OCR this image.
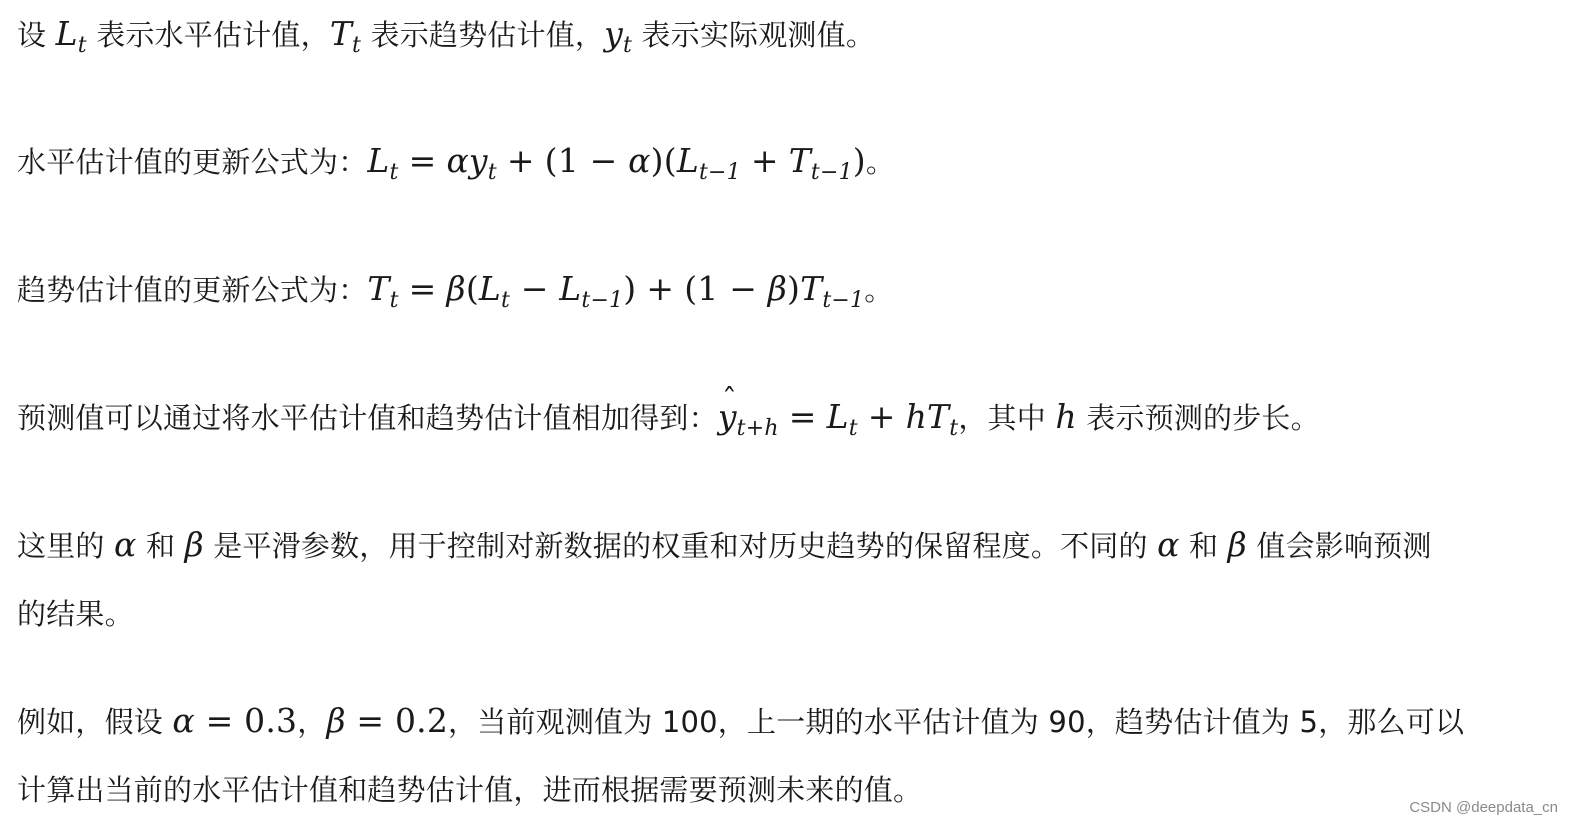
设 $L_t$ 表示水平估计值，$T_t$ 表示趋势估计值，$y_t$ 表示实际观测值。
水平估计值的更新公式为：$L_t = \alpha y_t + (1 - \alpha)(L_{t-1} + T_{t-1})$。
趋势估计值的更新公式为：$T_t = \beta(L_t - L_{t-1}) + (1 - \beta)T_{t-1}$。
预测值可以通过将水平估计值和趋势估计值相加得到：ˆ $y_{t+h} = L_t + hT_t$，其中 h 表示预测的步长。
这里的 α 和 β 是平滑参数，用于控制对新数据的权重和对历史趋势的保留程度。不同的 α 和 β 值会影响预测
的结果。
例如，假设 α = 0.3，β = 0.2，当前观测值为 100，上一期的水平估计值为 90，趋势估计值为 5，那么可以
计算出当前的水平估计值和趋势估计值，进而根据需要预测未来的值。
CSDN @deepdata_cn
